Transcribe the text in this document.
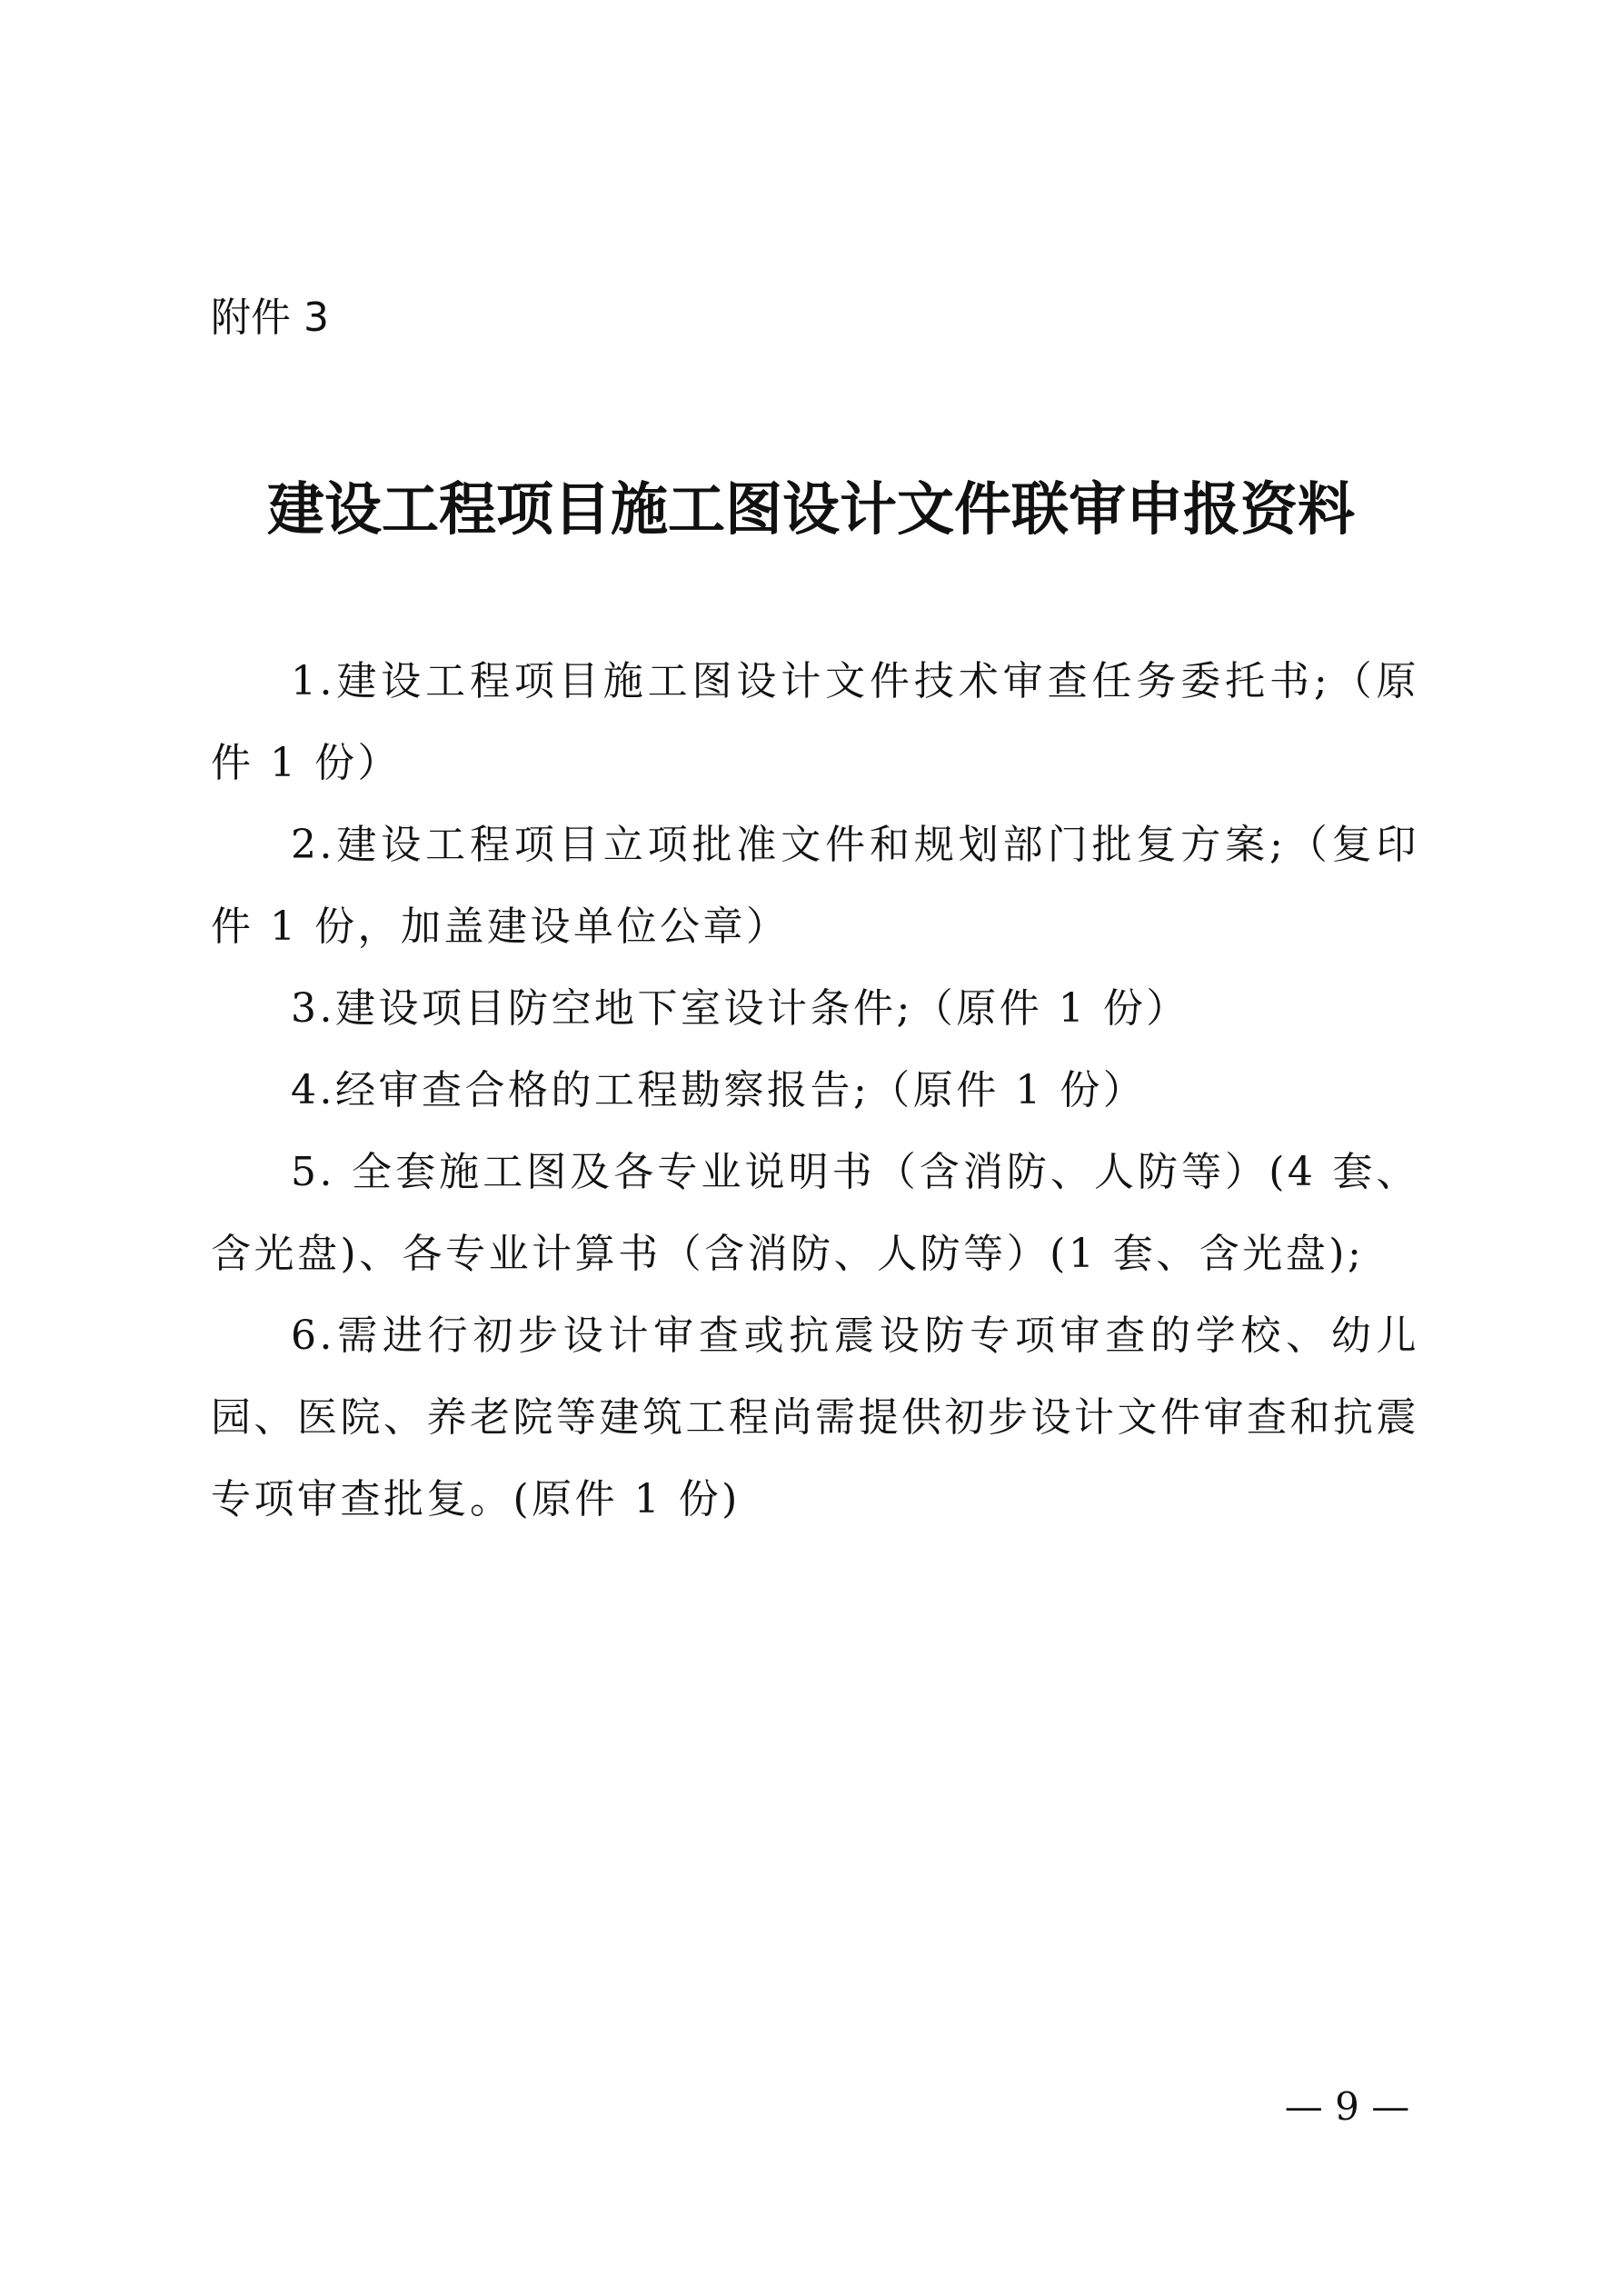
附件 3
建设工程项目施工图设计文件联审申报资料

1.建设工程项目施工图设计文件技术审查任务委托书;（原件 1 份）

2.建设工程项目立项批准文件和规划部门批复方案;（复印件 1 份，加盖建设单位公章）

3.建设项目防空地下室设计条件;（原件 1 份）

4.经审查合格的工程勘察报告;（原件 1 份）

5. 全套施工图及各专业说明书（含消防、人防等）(4 套、含光盘)、各专业计算书（含消防、人防等）(1 套、含光盘);

6.需进行初步设计审查或抗震设防专项审查的学校、幼儿园、医院、养老院等建筑工程尚需提供初步设计文件审查和抗震专项审查批复。(原件 1 份)

— 9 —
